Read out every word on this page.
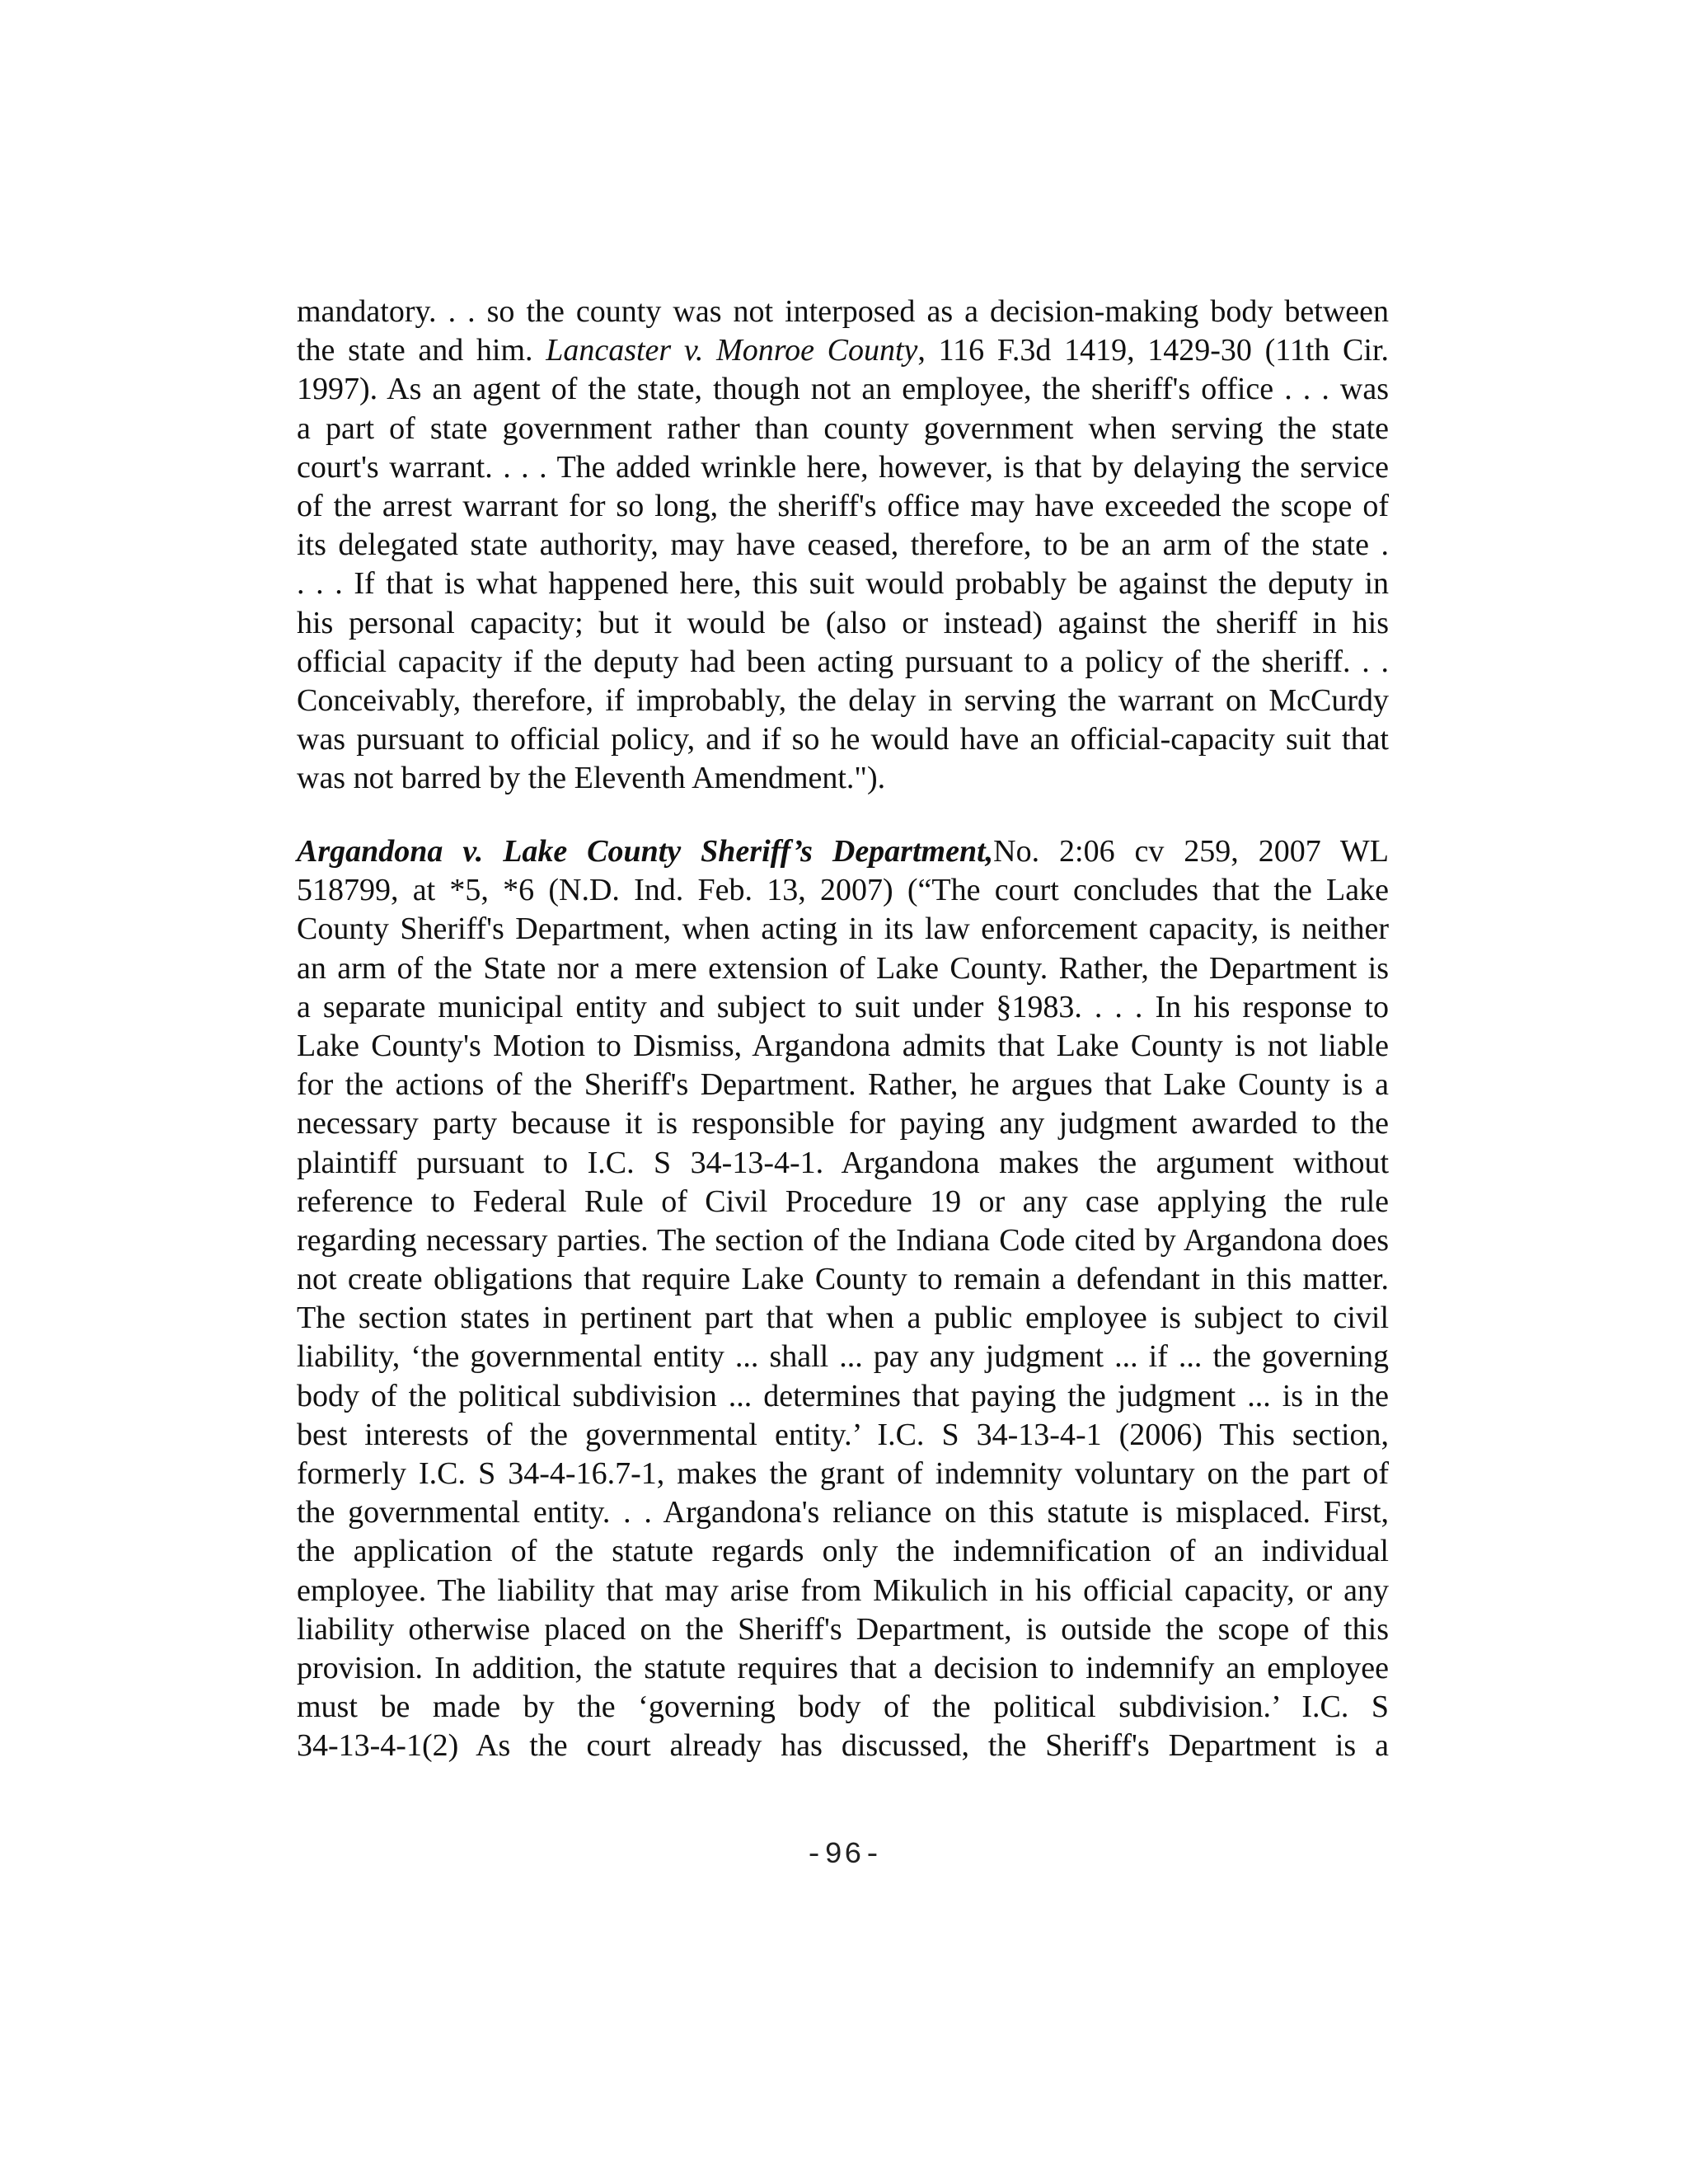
mandatory. . . so the county was not interposed as a decision-making body between
the state and him. Lancaster v. Monroe County, 116 F.3d 1419, 1429-30 (11th Cir.
1997). As an agent of the state, though not an employee, the sheriff's office . . . was
a part of state government rather than county government when serving the state
court's warrant. . . . The added wrinkle here, however, is that by delaying the service
of the arrest warrant for so long, the sheriff's office may have exceeded the scope of
its delegated state authority, may have ceased, therefore, to be an arm of the state .
. . . If that is what happened here, this suit would probably be against the deputy in
his personal capacity; but it would be (also or instead) against the sheriff in his
official capacity if the deputy had been acting pursuant to a policy of the sheriff. . .
Conceivably, therefore, if improbably, the delay in serving the warrant on McCurdy
was pursuant to official policy, and if so he would have an official-capacity suit that
was not barred by the Eleventh Amendment.").
Argandona v. Lake County Sheriff’s Department,No. 2:06 cv 259, 2007 WL
518799, at *5, *6 (N.D. Ind. Feb. 13, 2007) (“The court concludes that the Lake
County Sheriff's Department, when acting in its law enforcement capacity, is neither
an arm of the State nor a mere extension of Lake County. Rather, the Department is
a separate municipal entity and subject to suit under §1983. . . . In his response to
Lake County's Motion to Dismiss, Argandona admits that Lake County is not liable
for the actions of the Sheriff's Department. Rather, he argues that Lake County is a
necessary party because it is responsible for paying any judgment awarded to the
plaintiff pursuant to I.C. S 34-13-4-1. Argandona makes the argument without
reference to Federal Rule of Civil Procedure 19 or any case applying the rule
regarding necessary parties. The section of the Indiana Code cited by Argandona does
not create obligations that require Lake County to remain a defendant in this matter.
The section states in pertinent part that when a public employee is subject to civil
liability, ‘the governmental entity ... shall ... pay any judgment ... if ... the governing
body of the political subdivision ... determines that paying the judgment ... is in the
best interests of the governmental entity.’ I.C. S 34-13-4-1 (2006) This section,
formerly I.C. S 34-4-16.7-1, makes the grant of indemnity voluntary on the part of
the governmental entity. . . Argandona's reliance on this statute is misplaced. First,
the application of the statute regards only the indemnification of an individual
employee. The liability that may arise from Mikulich in his official capacity, or any
liability otherwise placed on the Sheriff's Department, is outside the scope of this
provision. In addition, the statute requires that a decision to indemnify an employee
must be made by the ‘governing body of the political subdivision.’ I.C. S
34-13-4-1(2) As the court already has discussed, the Sheriff's Department is a
-96-
